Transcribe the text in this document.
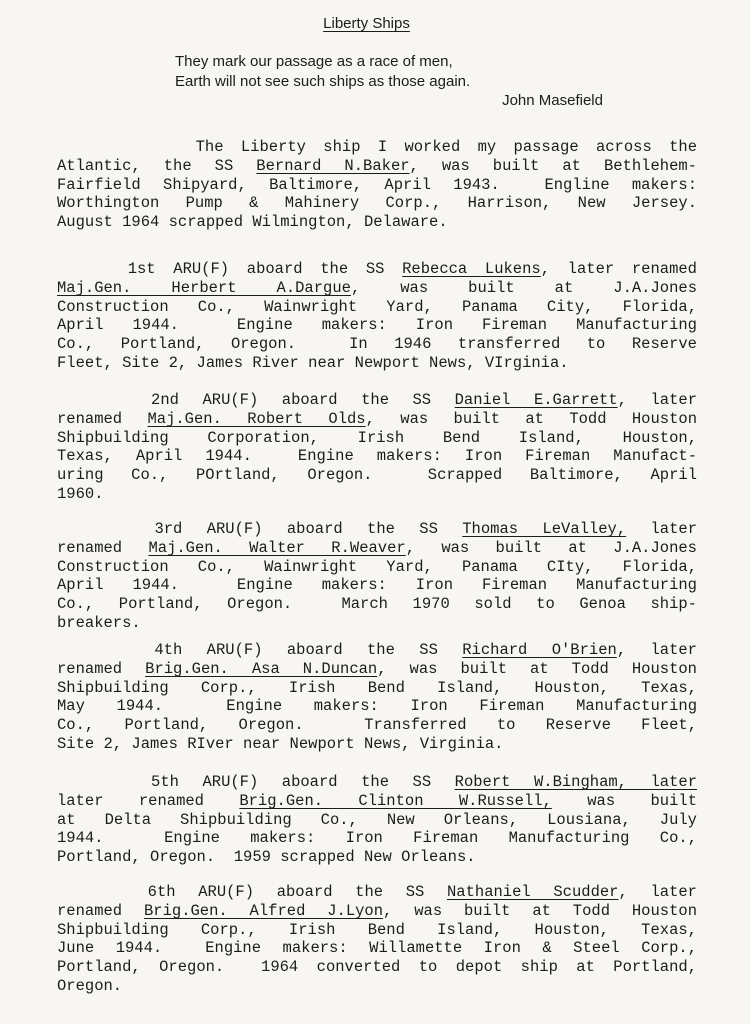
Liberty Ships
They mark our passage as a race of men,
Earth will not see such ships as those again.
John Masefield
The Liberty ship I worked my passage across the
Atlantic, the SS Bernard N.Baker, was built at Bethlehem-
Fairfield Shipyard, Baltimore, April 1943.  Engline makers:
Worthington Pump & Mahinery Corp., Harrison, New Jersey.
August 1964 scrapped Wilmington, Delaware.
1st ARU(F) aboard the SS Rebecca Lukens, later renamed
Maj.Gen. Herbert A.Dargue, was built at J.A.Jones
Construction Co., Wainwright Yard, Panama City, Florida,
April 1944.  Engine makers: Iron Fireman Manufacturing
Co., Portland, Oregon.  In 1946 transferred to Reserve
Fleet, Site 2, James River near Newport News, VIrginia.
2nd ARU(F) aboard the SS Daniel E.Garrett, later
renamed Maj.Gen. Robert Olds, was built at Todd Houston
Shipbuilding Corporation, Irish Bend Island, Houston,
Texas, April 1944.  Engine makers: Iron Fireman Manufact-
uring Co., POrtland, Oregon.  Scrapped Baltimore, April
1960.
3rd ARU(F) aboard the SS Thomas LeValley, later
renamed Maj.Gen. Walter R.Weaver, was built at J.A.Jones
Construction Co., Wainwright Yard, Panama CIty, Florida,
April 1944.  Engine makers: Iron Fireman Manufacturing
Co., Portland, Oregon.  March 1970 sold to Genoa ship-
breakers.
4th ARU(F) aboard the SS Richard O'Brien, later
renamed Brig.Gen. Asa N.Duncan, was built at Todd Houston
Shipbuilding Corp., Irish Bend Island, Houston, Texas,
May 1944.  Engine makers: Iron Fireman Manufacturing
Co., Portland, Oregon.  Transferred to Reserve Fleet,
Site 2, James RIver near Newport News, Virginia.
5th ARU(F) aboard the SS Robert W.Bingham, later
later renamed Brig.Gen. Clinton W.Russell, was built
at Delta Shipbuilding Co., New Orleans, Lousiana, July
1944.  Engine makers: Iron Fireman Manufacturing Co.,
Portland, Oregon.  1959 scrapped New Orleans.
6th ARU(F) aboard the SS Nathaniel Scudder, later
renamed Brig.Gen. Alfred J.Lyon, was built at Todd Houston
Shipbuilding Corp., Irish Bend Island, Houston, Texas,
June 1944.  Engine makers: Willamette Iron & Steel Corp.,
Portland, Oregon.  1964 converted to depot ship at Portland,
Oregon.
